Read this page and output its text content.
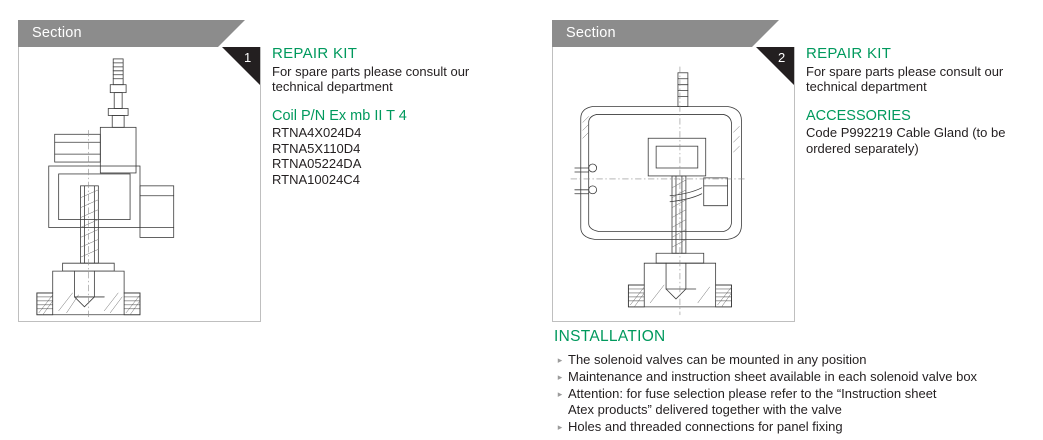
Section
1 REPAIR KIT
For spare parts please consult our technical department
Coil P/N Ex mb II T 4
RTNA4X024D4
RTNA5X110D4
RTNA05224DA
RTNA10024C4
Section
2 REPAIR KIT
For spare parts please consult our technical department
ACCESSORIES
Code P992219 Cable Gland (to be ordered separately)
INSTALLATION
▸ The solenoid valves can be mounted in any position
▸ Maintenance and instruction sheet available in each solenoid valve box
▸ Attention: for fuse selection please refer to the “Instruction sheet
Atex products” delivered together with the valve
▸ Holes and threaded connections for panel fixing
